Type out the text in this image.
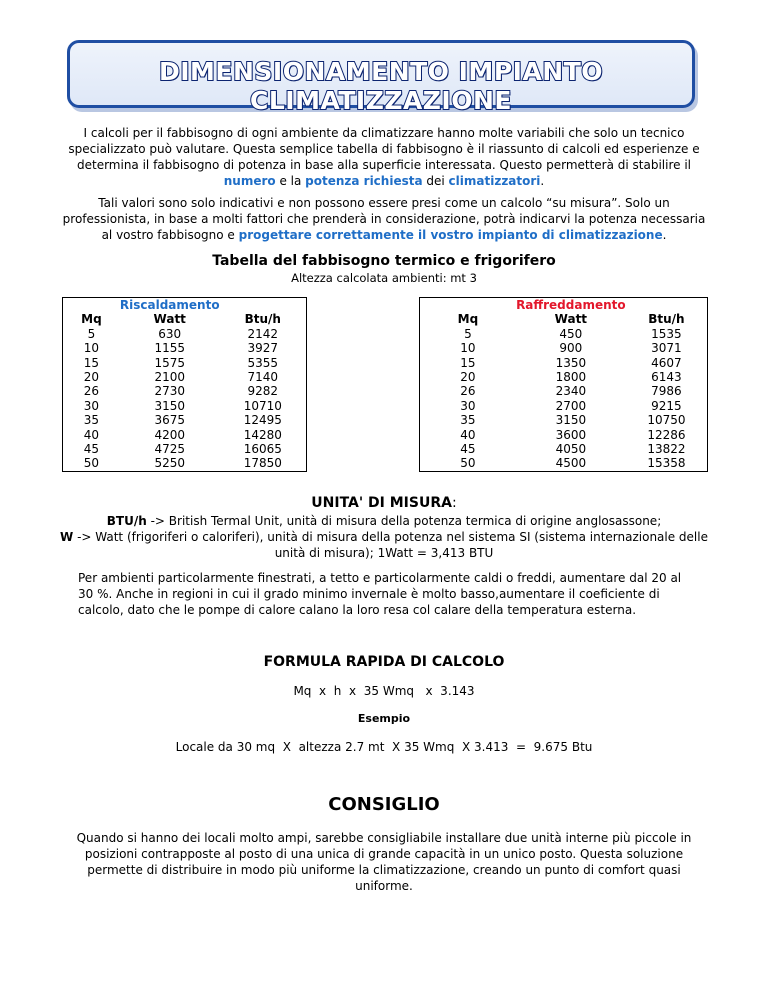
DIMENSIONAMENTO IMPIANTO CLIMATIZZAZIONE
I calcoli per il fabbisogno di ogni ambiente da climatizzare hanno molte variabili che solo un tecnico specializzato può valutare. Questa semplice tabella di fabbisogno è il riassunto di calcoli ed esperienze e determina il fabbisogno di potenza in base alla superficie interessata. Questo permetterà di stabilire il numero e la potenza richiesta dei climatizzatori.
Tali valori sono solo indicativi e non possono essere presi come un calcolo “su misura”. Solo un professionista, in base a molti fattori che prenderà in considerazione, potrà indicarvi la potenza necessaria al vostro fabbisogno e progettare correttamente il vostro impianto di climatizzazione.
Tabella del fabbisogno termico e frigorifero
Altezza calcolata ambienti: mt 3
	Riscaldamento	
Mq	Watt	Btu/h
5	630	2142
10	1155	3927
15	1575	5355
20	2100	7140
26	2730	9282
30	3150	10710
35	3675	12495
40	4200	14280
45	4725	16065
50	5250	17850
	Raffreddamento	
Mq	Watt	Btu/h
5	450	1535
10	900	3071
15	1350	4607
20	1800	6143
26	2340	7986
30	2700	9215
35	3150	10750
40	3600	12286
45	4050	13822
50	4500	15358
UNITA' DI MISURA:
BTU/h -> British Termal Unit, unità di misura della potenza termica di origine anglosassone;
W -> Watt (frigoriferi o caloriferi), unità di misura della potenza nel sistema SI (sistema internazionale delle unità di misura); 1Watt = 3,413 BTU
Per ambienti particolarmente finestrati, a tetto e particolarmente caldi o freddi, aumentare dal 20 al 30 %. Anche in regioni in cui il grado minimo invernale è molto basso,aumentare il coeficiente di calcolo, dato che le pompe di calore calano la loro resa col calare della temperatura esterna.
FORMULA RAPIDA DI CALCOLO
Mq  x  h  x  35 Wmq   x  3.143
Esempio
Locale da 30 mq  X  altezza 2.7 mt  X 35 Wmq  X 3.413  =  9.675 Btu
CONSIGLIO
Quando si hanno dei locali molto ampi, sarebbe consigliabile installare due unità interne più piccole in posizioni contrapposte al posto di una unica di grande capacità in un unico posto. Questa soluzione permette di distribuire in modo più uniforme la climatizzazione, creando un punto di comfort quasi uniforme.
